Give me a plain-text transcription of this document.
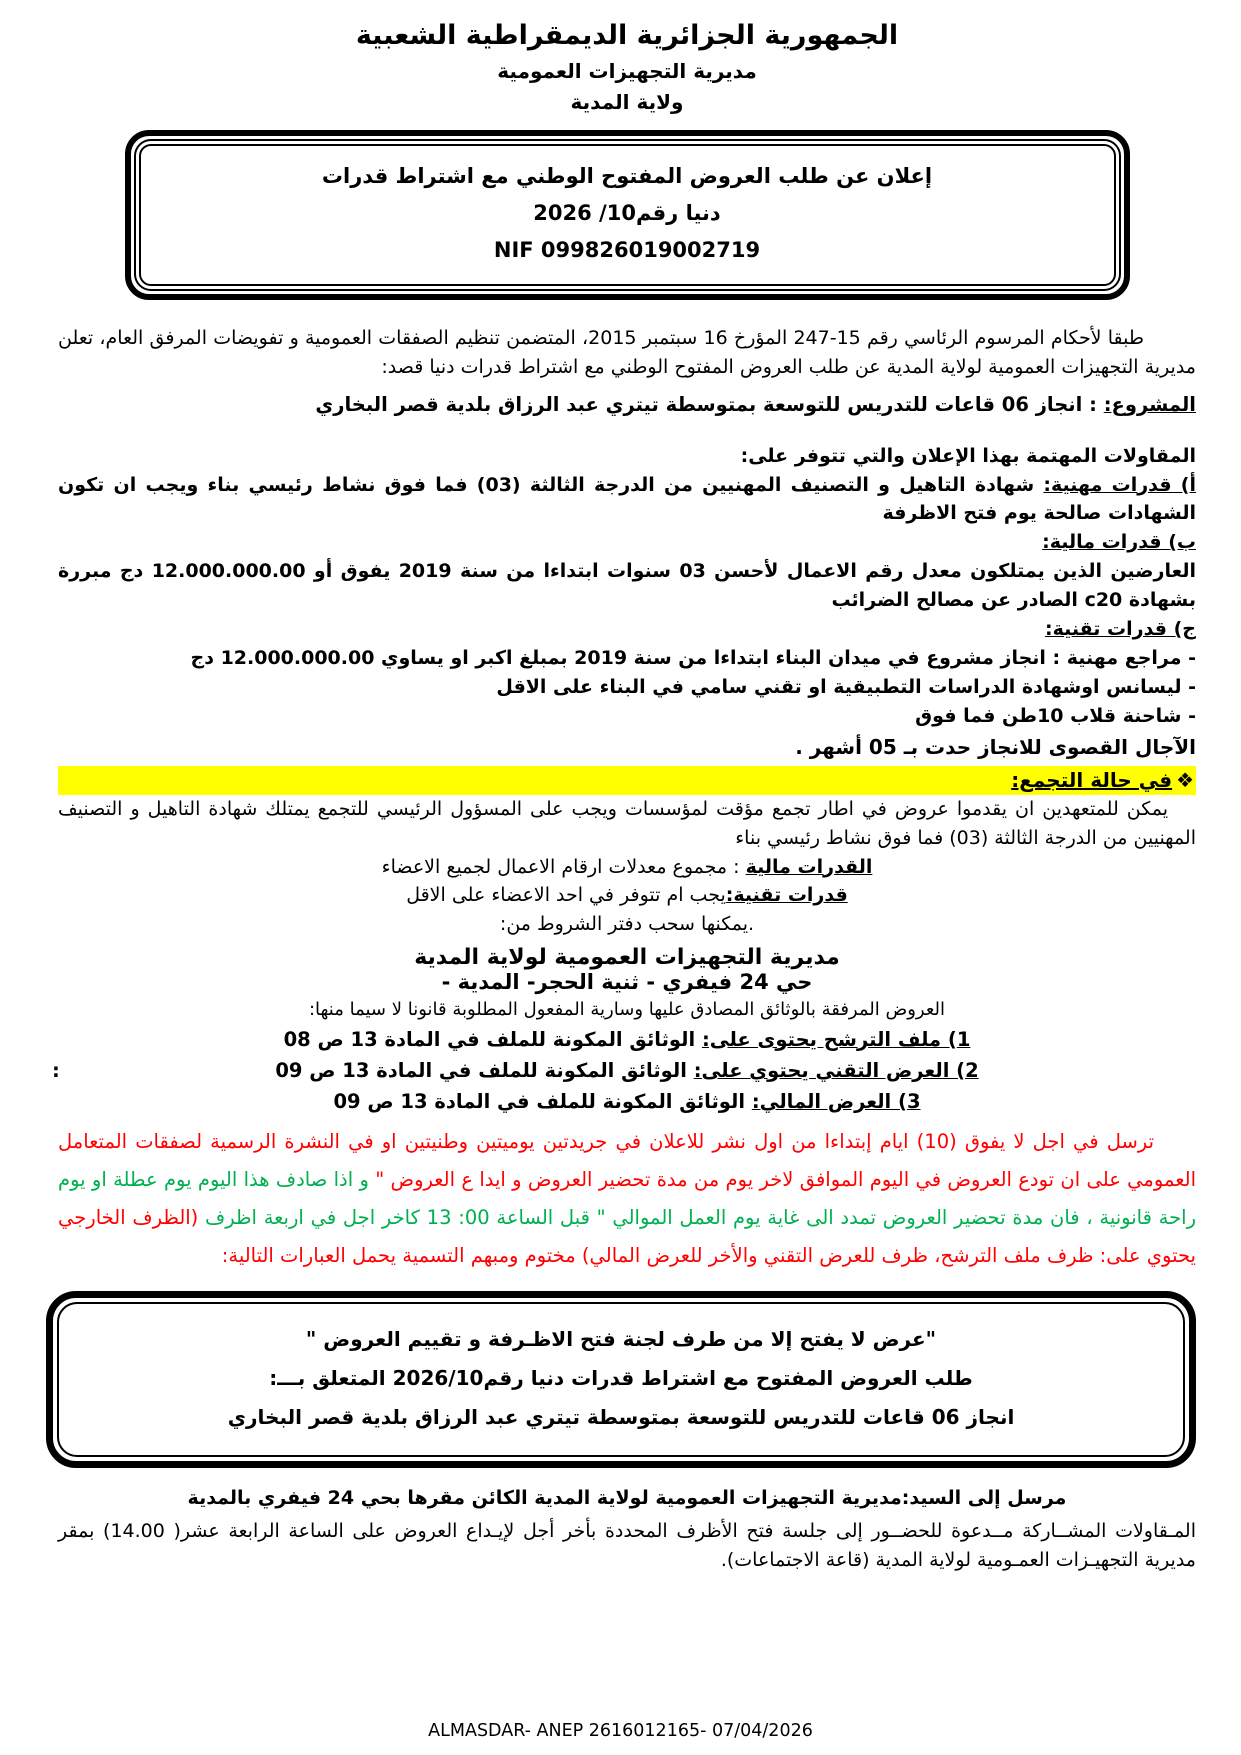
الجمهورية الجزائرية الديمقراطية الشعبية
مديرية التجهيزات العمومية
ولاية المدية
إعلان عن طلب العروض المفتوح الوطني مع اشتراط قدرات
دنيا رقم10/ 2026
NIF 099826019002719

طبقا لأحكام المرسوم الرئاسي رقم 15-247 المؤرخ 16 سبتمبر 2015، المتضمن تنظيم الصفقات العمومية و تفويضات المرفق العام، تعلن مديرية التجهيزات العمومية لولاية المدية عن طلب العروض المفتوح الوطني مع اشتراط قدرات دنيا قصد:

المشروع: : انجاز 06 قاعات للتدريس للتوسعة بمتوسطة تيتري عبد الرزاق بلدية قصر البخاري

المقاولات المهتمة بهذا الإعلان والتي تتوفر على:

أ) قدرات مهنية: شهادة التاهيل و التصنيف المهنيين من الدرجة الثالثة (03) فما فوق نشاط رئيسي بناء ويجب ان تكون الشهادات صالحة يوم فتح الاظرفة

ب) قدرات مالية:

العارضين الذين يمتلكون معدل رقم الاعمال لأحسن 03 سنوات ابتداءا من سنة 2019 يفوق أو 12.000.000.00 دج مبررة بشهادة c20 الصادر عن مصالح الضرائب

ج) قدرات تقنية:

- مراجع مهنية : انجاز مشروع في ميدان البناء ابتداءا من سنة 2019 بمبلغ اكبر او يساوي 12.000.000.00 دج

- ليسانس اوشهادة الدراسات التطبيقية او تقني سامي في البناء على الاقل

- شاحنة قلاب 10طن فما فوق

الآجال القصوى للانجاز حدت بـ 05 أشهر .

❖في حالة التجمع:

يمكن للمتعهدين ان يقدموا عروض في اطار تجمع مؤقت لمؤسسات ويجب على المسؤول الرئيسي للتجمع يمتلك شهادة التاهيل و التصنيف المهنيين من الدرجة الثالثة (03) فما فوق نشاط رئيسي بناء

القدرات مالية : مجموع معدلات ارقام الاعمال لجميع الاعضاء

قدرات تقنية:يجب ام تتوفر في احد الاعضاء على الاقل

.يمكنها سحب دفتر الشروط من:

مديرية التجهيزات العمومية لولاية المدية
حي 24 فيفري - ثنية الحجر- المدية -

العروض المرفقة بالوثائق المصادق عليها وسارية المفعول المطلوبة قانونا لا سيما منها:

1) ملف الترشح يحتوى على: الوثائق المكونة للملف في المادة 13 ص 08
2) العرض التقني يحتوي على: الوثائق المكونة للملف في المادة 13 ص 09
:
3) العرض المالي: الوثائق المكونة للملف في المادة 13 ص 09

ترسل في اجل لا يفوق (10) ايام إبتداءا من اول نشر للاعلان في جريدتين يوميتين وطنيتين او في النشرة الرسمية لصفقات المتعامل العمومي على ان تودع العروض في اليوم الموافق لاخر يوم من مدة تحضير العروض و ايدا ع العروض " و اذا صادف هذا اليوم يوم عطلة او يوم راحة قانونية ، فان مدة تحضير العروض تمدد الى غاية يوم العمل الموالي " قبل الساعة 00: 13 كاخر اجل في اربعة اظرف (الظرف الخارجي يحتوي على: ظرف ملف الترشح، ظرف للعرض التقني والأخر للعرض المالي) مختوم ومبهم التسمية يحمل العبارات التالية:

"عرض لا يفتح إلا من طرف لجنة فتح الاظـرفة و تقييم العروض "
طلب العروض المفتوح مع اشتراط قدرات دنيا رقم2026/10 المتعلق بـــ:
انجاز 06 قاعات للتدريس للتوسعة بمتوسطة تيتري عبد الرزاق بلدية قصر البخاري

مرسل إلى السيد:مديرية التجهيزات العمومية لولاية المدية الكائن مقرها بحي 24 فيفري بالمدية

المـقاولات المشــاركة مــدعوة للحضــور إلى جلسة فتح الأظرف المحددة بأخر أجل لإيـداع العروض على الساعة الرابعة عشر( 14.00) بمقر مديرية التجهيـزات العمـومية لولاية المدية (قاعة الاجتماعات).

ALMASDAR- ANEP 2616012165- 07/04/2026
